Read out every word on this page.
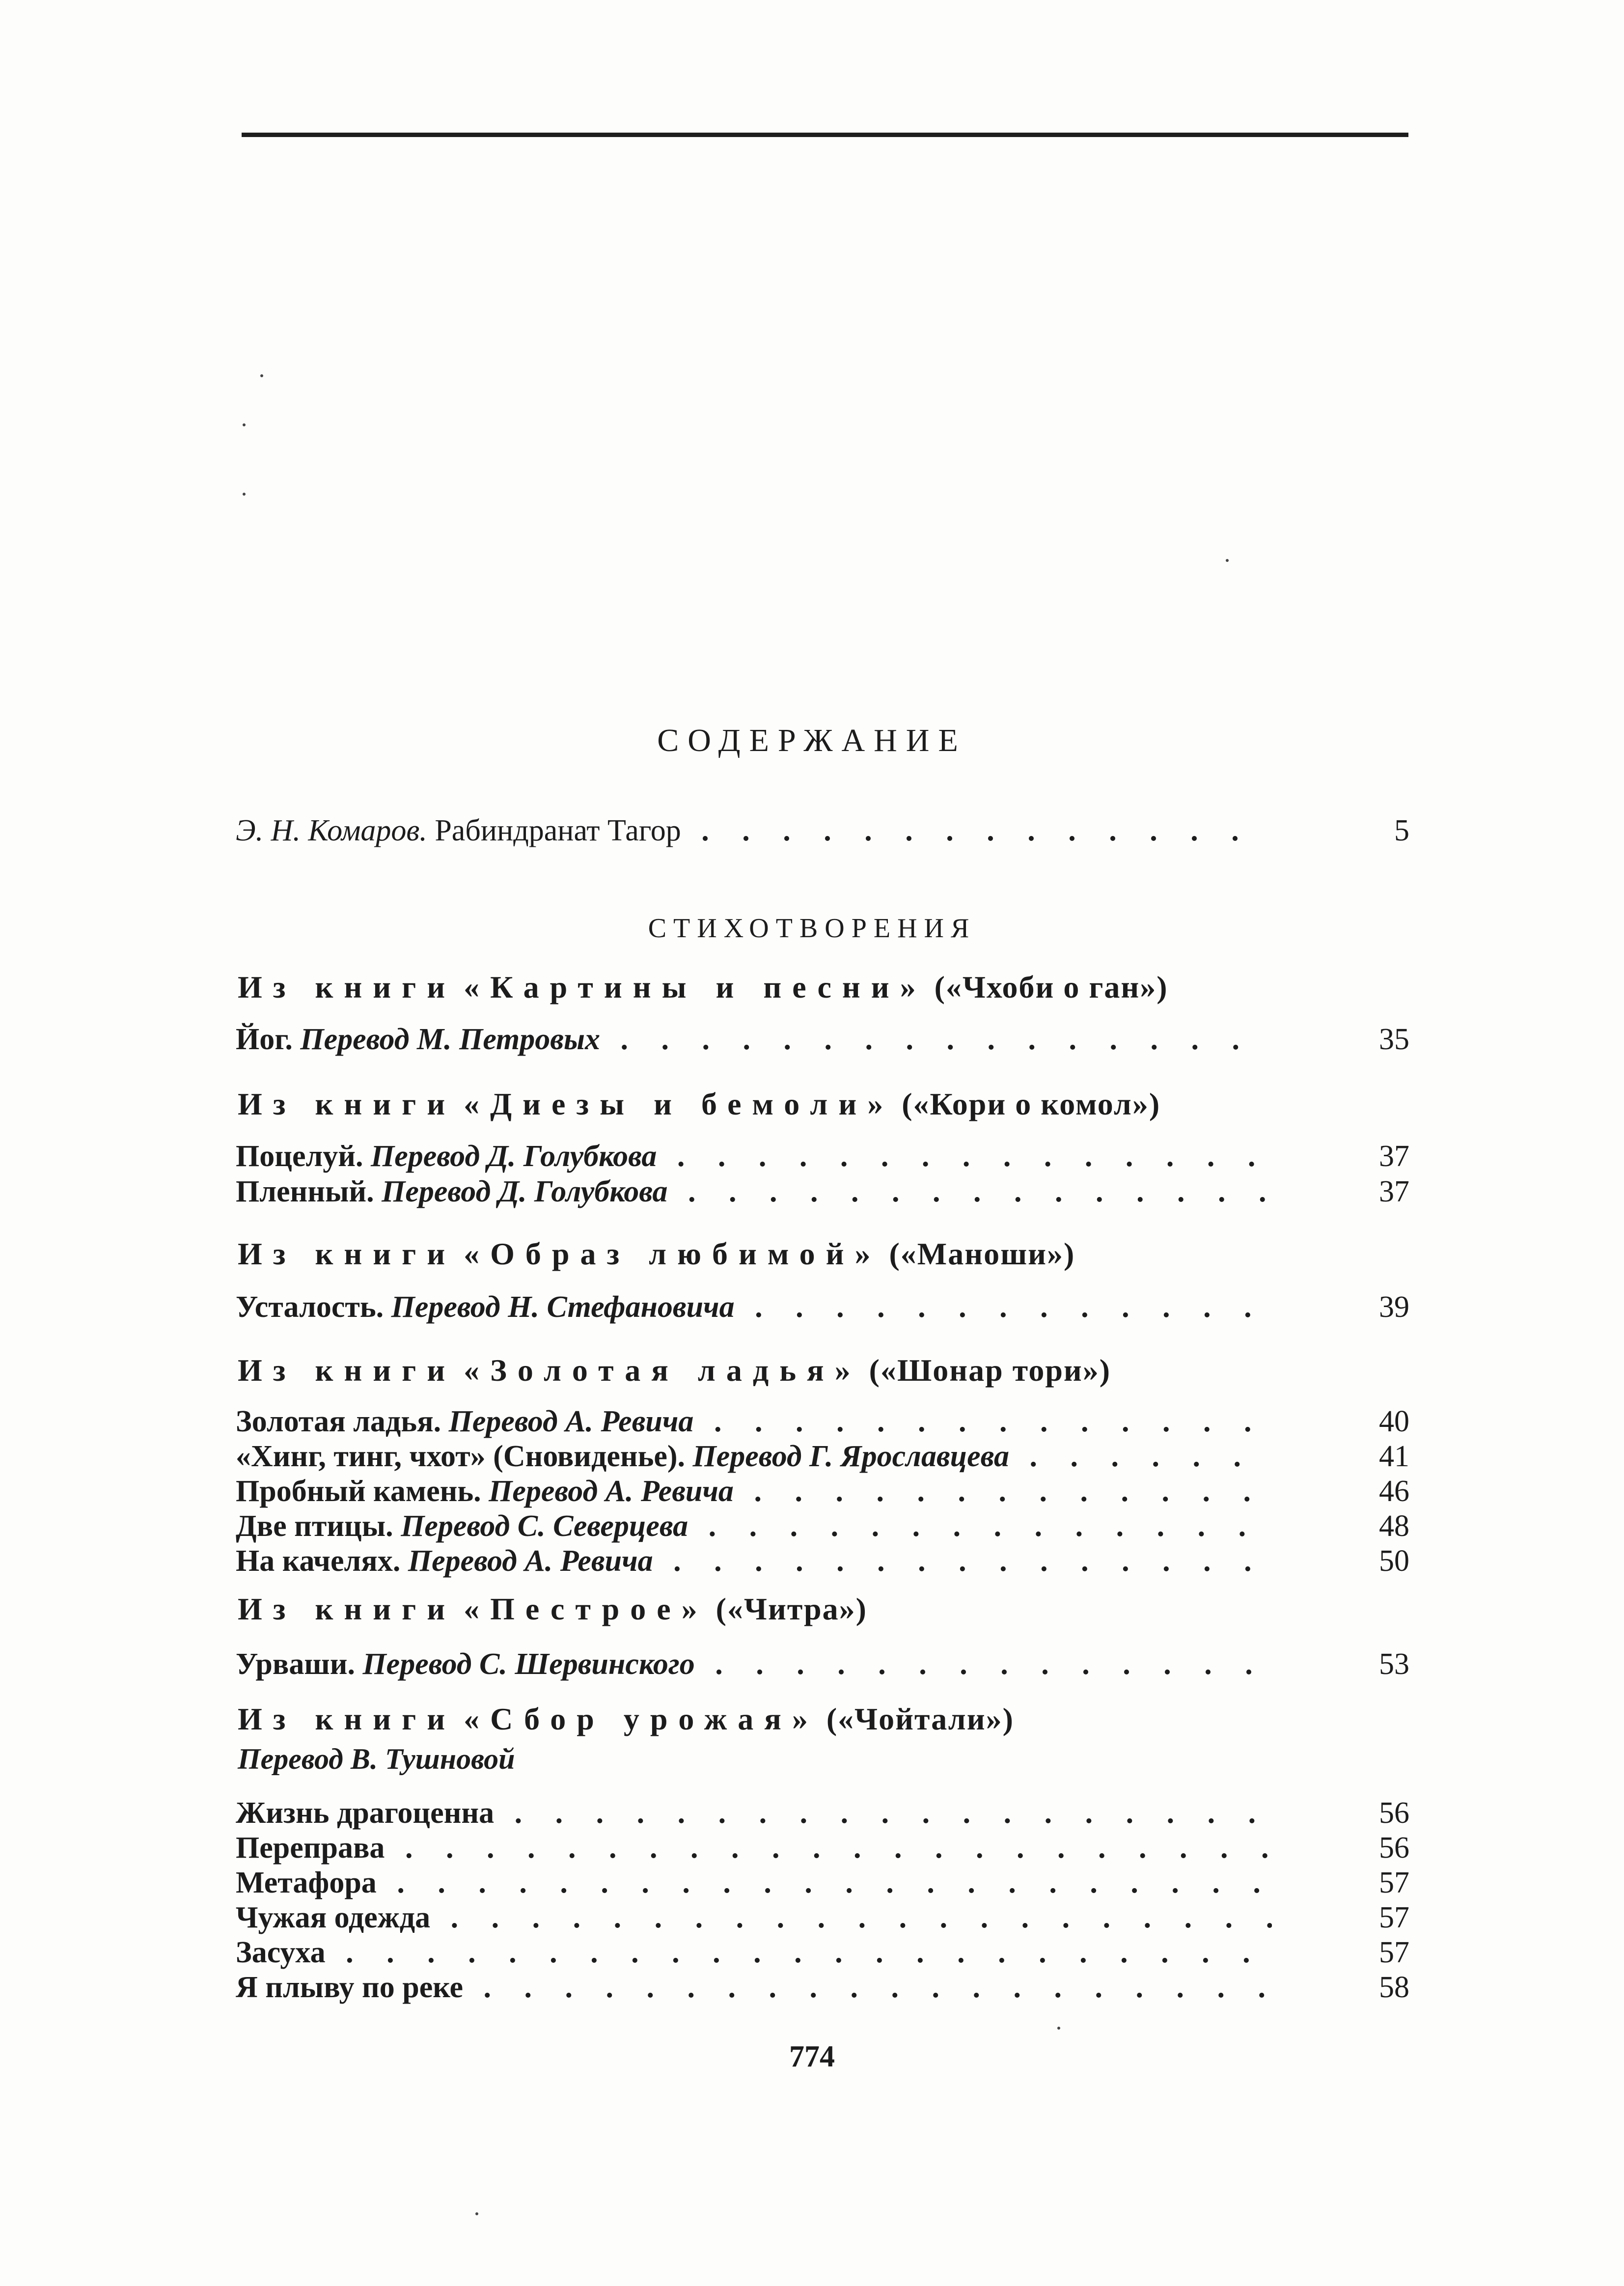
СОДЕРЖАНИЕ
Э. Н. Комаров. Рабиндранат Тагор . . .	5
СТИХОТВОРЕНИЯ
Из книги «Картины и песни» («Чхоби о ган»)
Йог. Перевод М. Петровых . . .	35
Из книги «Диезы и бемоли» («Кори о комол»)
Поцелуй. Перевод Д. Голубкова . . .	37
Пленный. Перевод Д. Голубкова . . .	37
Из книги «Образ любимой» («Маноши»)
Усталость. Перевод Н. Стефановича . . .	39
Из книги «Золотая ладья» («Шонар тори»)
Золотая ладья. Перевод А. Ревича . . .	40
«Хинг, тинг, чхот» (Сновиденье). Перевод Г. Ярославцева . . .	41
Пробный камень. Перевод А. Ревича . . .	46
Две птицы. Перевод С. Северцева . . .	48
На качелях. Перевод А. Ревича . . .	50
Из книги «Пестрое» («Читра»)
Урваши. Перевод С. Шервинского . . .	53
Из книги «Сбор урожая» («Чойтали»)
Перевод В. Тушновой
Жизнь драгоценна . . .	56
Переправа . . .	56
Метафора . . .	57
Чужая одежда . . .	57
Засуха . . .	57
Я плыву по реке . . .	58
774
